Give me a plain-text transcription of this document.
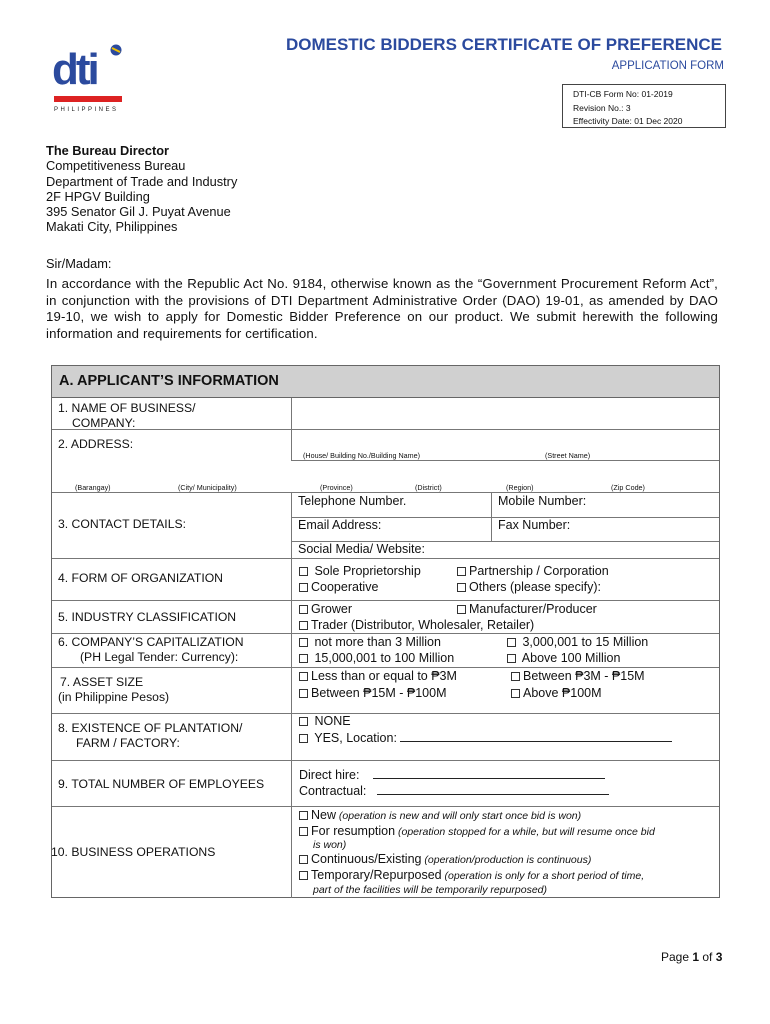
dti
PHILIPPINES
DOMESTIC BIDDERS CERTIFICATE OF PREFERENCE
APPLICATION FORM
DTI-CB Form No: 01-2019
Revision No.: 3
Effectivity Date: 01 Dec 2020
The Bureau Director
Competitiveness Bureau
Department of Trade and Industry
2F HPGV Building
395 Senator Gil J. Puyat Avenue
Makati City, Philippines
Sir/Madam:
In accordance with the Republic Act No. 9184, otherwise known as the “Government Procurement Reform Act”, in conjunction with the provisions of DTI Department Administrative Order (DAO) 19-01, as amended by DAO 19-10, we wish to apply for Domestic Bidder Preference on our product. We submit herewith the following information and requirements for certification.
A. APPLICANT’S INFORMATION
1. NAME OF BUSINESS/
COMPANY:
2. ADDRESS:
(House/ Building No./Building Name)	(Street Name)
(Barangay)	(City/ Municipality)	(Province)	(District)	(Region)	(Zip Code)
3. CONTACT DETAILS:
Telephone Number.	Mobile Number:
Email Address:	Fax Number:
Social Media/ Website:
4. FORM OF ORGANIZATION	Sole Proprietorship	Partnership / Corporation
Cooperative	Others (please specify):
5. INDUSTRY CLASSIFICATION
Grower	Manufacturer/Producer
Trader (Distributor, Wholesaler, Retailer)
6. COMPANY’S CAPITALIZATION
(PH Legal Tender: Currency):
not more than 3 Million	3,000,001 to 15 Million
15,000,001 to 100 Million	Above 100 Million
7. ASSET SIZE
(in Philippine Pesos)
Less than or equal to ₱3M	Between ₱3M - ₱15M
Between ₱15M - ₱100M	Above ₱100M
8. EXISTENCE OF PLANTATION/
FARM / FACTORY:
NONE
YES, Location:
9. TOTAL NUMBER OF EMPLOYEES
Direct hire:
Contractual:
10. BUSINESS OPERATIONS
New (operation is new and will only start once bid is won)
For resumption (operation stopped for a while, but will resume once bid
is won)
Continuous/Existing (operation/production is continuous)
Temporary/Repurposed (operation is only for a short period of time,
part of the facilities will be temporarily repurposed)
Page 1 of 3
